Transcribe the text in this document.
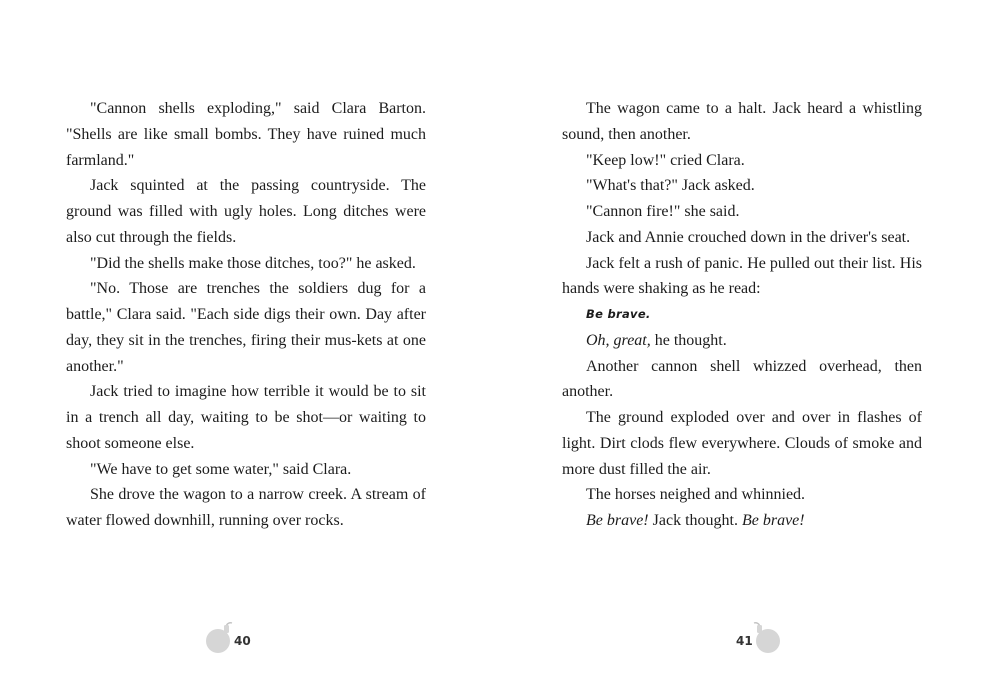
"Cannon shells exploding," said Clara Barton. "Shells are like small bombs. They have ruined much farmland."

Jack squinted at the passing countryside. The ground was filled with ugly holes. Long ditches were also cut through the fields.

"Did the shells make those ditches, too?" he asked.

"No. Those are trenches the soldiers dug for a battle," Clara said. "Each side digs their own. Day after day, they sit in the trenches, firing their mus-kets at one another."

Jack tried to imagine how terrible it would be to sit in a trench all day, waiting to be shot—or waiting to shoot someone else.

"We have to get some water," said Clara.

She drove the wagon to a narrow creek. A stream of water flowed downhill, running over rocks.

The wagon came to a halt. Jack heard a whistling sound, then another.

"Keep low!" cried Clara.

"What's that?" Jack asked.

"Cannon fire!" she said.

Jack and Annie crouched down in the driver's seat.

Jack felt a rush of panic. He pulled out their list. His hands were shaking as he read:

Be brave.

Oh, great, he thought.

Another cannon shell whizzed overhead, then another.

The ground exploded over and over in flashes of light. Dirt clods flew everywhere. Clouds of smoke and more dust filled the air.

The horses neighed and whinnied.

Be brave! Jack thought. Be brave!

40	41
